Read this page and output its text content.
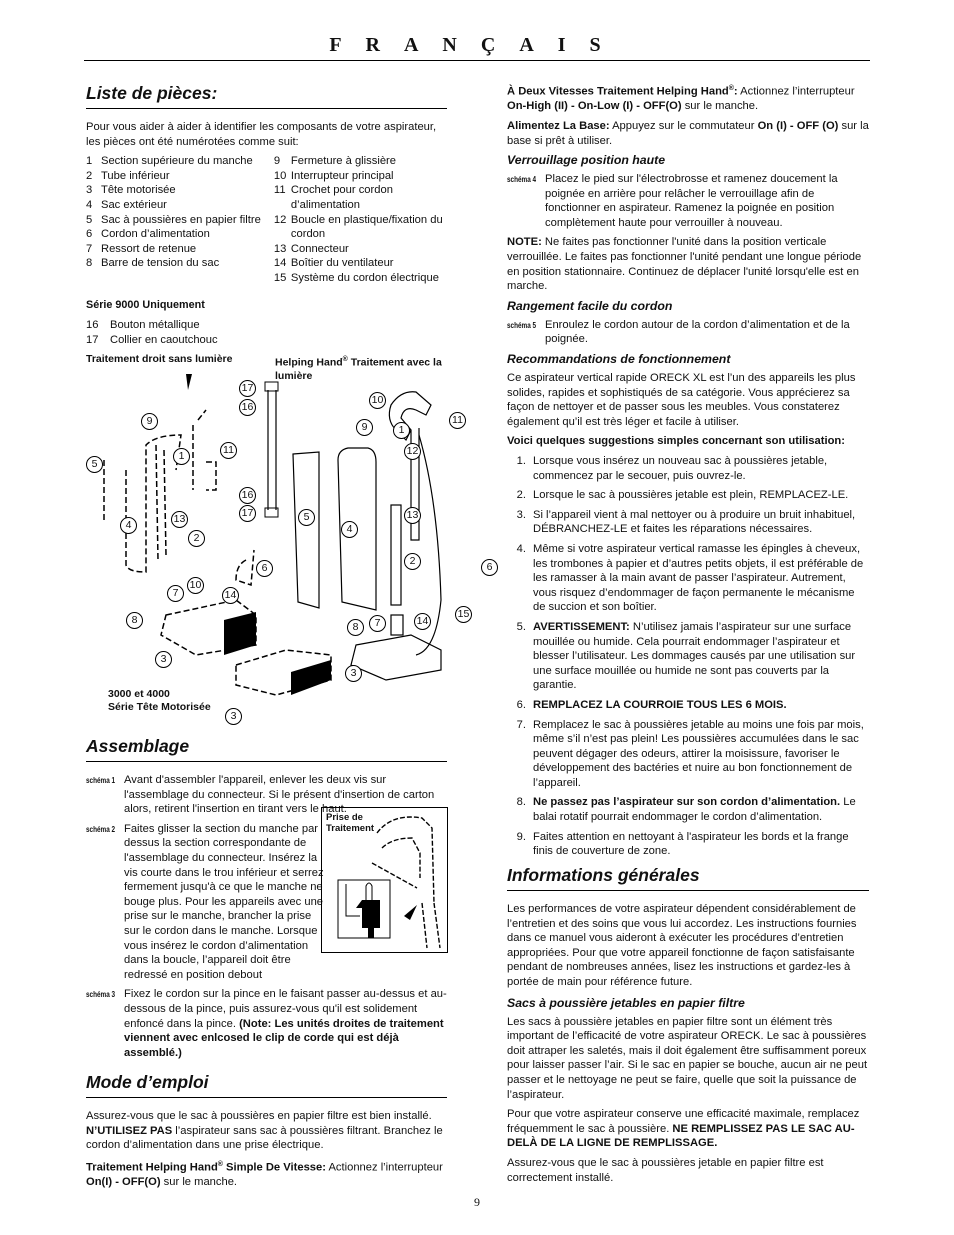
FRANÇAIS
Liste de pièces:

Pour vous aider à aider à identifier les composants de votre aspirateur, les pièces ont été numérotées comme suit:

1 Section supérieure du manche
2 Tube inférieur
3 Tête motorisée
4 Sac extérieur
5 Sac à poussières en papier filtre
6 Cordon d’alimentation
7 Ressort de retenue
8 Barre de tension du sac
9 Fermeture à glissière
10 Interrupteur principal
11 Crochet pour cordon d’alimentation
12 Boucle en plastique/fixation du cordon
13 Connecteur
14 Boîtier du ventilateur
15 Système du cordon électrique
Série 9000 Uniquement
16	Bouton métallique
17	Collier en caoutchouc
Traitement droit sans lumière	Helping Hand® Traitement avec la lumière
3000 et 4000
Série Tête Motorisée
9
5
1	11
4	13
2
6
10
7	14
8
3
3
17
16
16
17
10
9	1
11
12
5
4
13
2	6
15
14
7
8
3
Assemblage
schéma 1 Avant d'assembler l'appareil, enlever les deux vis sur l'assemblage du connecteur. Si le présent d'insertion de carton alors, retirent l'insertion en tirant vers le haut.
schéma 2 Faites glisser la section du manche par dessus la section correspondante de l'assemblage du connecteur. Insérez la vis courte dans le trou inférieur et serrez fermement jusqu'à ce que le manche ne bouge plus. Pour les appareils avec une prise sur le manche, brancher la prise sur le cordon dans le manche. Lorsque vous insérez le cordon d’alimentation dans la boucle, l’appareil doit être redressé en position debout
schéma 3 Fixez le cordon sur la pince en le faisant passer au-dessus et au-dessous de la pince, puis assurez-vous qu'il est solidement enfoncé dans la pince. (Note: Les unités droites de traitement viennent avec enlcosed le clip de corde qui est déjà assemblé.)
Prise de Traitement
Mode d’emploi

Assurez-vous que le sac à poussières en papier filtre est bien installé.
N’UTILISEZ PAS l’aspirateur sans sac à poussières filtrant. Branchez le cordon d’alimentation dans une prise électrique.

Traitement Helping Hand® Simple De Vitesse: Actionnez l’interrupteur On(I) - OFF(O) sur le manche.

À Deux Vitesses Traitement Helping Hand®: Actionnez l’interrupteur On-High (II) - On-Low (I) - OFF(O) sur le manche.

Alimentez La Base: Appuyez sur le commutateur On (I) - OFF (O) sur la base si prêt à utiliser.

Verrouillage position haute
schéma 4 Placez le pied sur l'électrobrosse et ramenez doucement la poignée en arrière pour relâcher le verrouillage afin de fonctionner en aspirateur. Ramenez la poignée en position complètement haute pour verrouiller à nouveau.

NOTE: Ne faites pas fonctionner l'unité dans la position verticale verrouillée. Le faites pas fonctionner l'unité pendant une longue période en position stationnaire. Continuez de déplacer l'unité lorsqu'elle est en marche.

Rangement facile du cordon
schéma 5 Enroulez le cordon autour de la cordon d’alimentation et de la poignée.
Recommandations de fonctionnement

Ce aspirateur vertical rapide ORECK XL est l’un des appareils les plus solides, rapides et sophistiqués de sa catégorie. Vous apprécierez sa façon de nettoyer et de passer sous les meubles. Vous constaterez également qu’il est très léger et facile à utiliser.

Voici quelques suggestions simples concernant son utilisation:

1. Lorsque vous insérez un nouveau sac à poussières jetable, commencez par le secouer, puis ouvrez-le.
2. Lorsque le sac à poussières jetable est plein, REMPLACEZ-LE.
3. Si l’appareil vient à mal nettoyer ou à produire un bruit inhabituel, DÉBRANCHEZ-LE et faites les réparations nécessaires.
4. Même si votre aspirateur vertical ramasse les épingles à cheveux, les trombones à papier et d’autres petits objets, il est préférable de les ramasser à la main avant de passer l’aspirateur. Autrement, vous risquez d’endommager de façon permanente le mécanisme de succion et son boîtier.
5. AVERTISSEMENT: N’utilisez jamais l’aspirateur sur une surface mouillée ou humide. Cela pourrait endommager l’aspirateur et blesser l’utilisateur. Les dommages causés par une utilisation sur une surface mouillée ou humide ne sont pas couverts par la garantie.
6. REMPLACEZ LA COURROIE TOUS LES 6 MOIS.
7. Remplacez le sac à poussières jetable au moins une fois par mois, même s’il n’est pas plein! Les poussières accumulées dans le sac peuvent dégager des odeurs, attirer la moisissure, favoriser le développement des bactéries et nuire au bon fonctionnement de l’appareil.
8. Ne passez pas l’aspirateur sur son cordon d’alimentation. Le balai rotatif pourrait endommager le cordon d’alimentation.
9. Faites attention en nettoyant à l'aspirateur les bords et la frange finis de couverture de zone.
Informations générales

Les performances de votre aspirateur dépendent considérablement de l’entretien et des soins que vous lui accordez. Les instructions fournies dans ce manuel vous aideront à exécuter les procédures d’entretien appropriées. Pour que votre appareil fonctionne de façon satisfaisante pendant de nombreuses années, lisez les instructions et gardez-les à portée de main pour référence future.

Sacs à poussière jetables en papier filtre

Les sacs à poussière jetables en papier filtre sont un élément très important de l’efficacité de votre aspirateur ORECK. Le sac à poussières doit attraper les saletés, mais il doit également être suffisamment poreux pour laisser passer l’air. Si le sac en papier se bouche, aucun air ne peut passer et le nettoyage ne peut se faire, quelle que soit la puissance de l’aspirateur.

Pour que votre aspirateur conserve une efficacité maximale, remplacez fréquemment le sac à poussière. NE REMPLISSEZ PAS LE SAC AU-DELÀ DE LA LIGNE DE REMPLISSAGE.

Assurez-vous que le sac à poussières jetable en papier filtre est correctement installé.

9
